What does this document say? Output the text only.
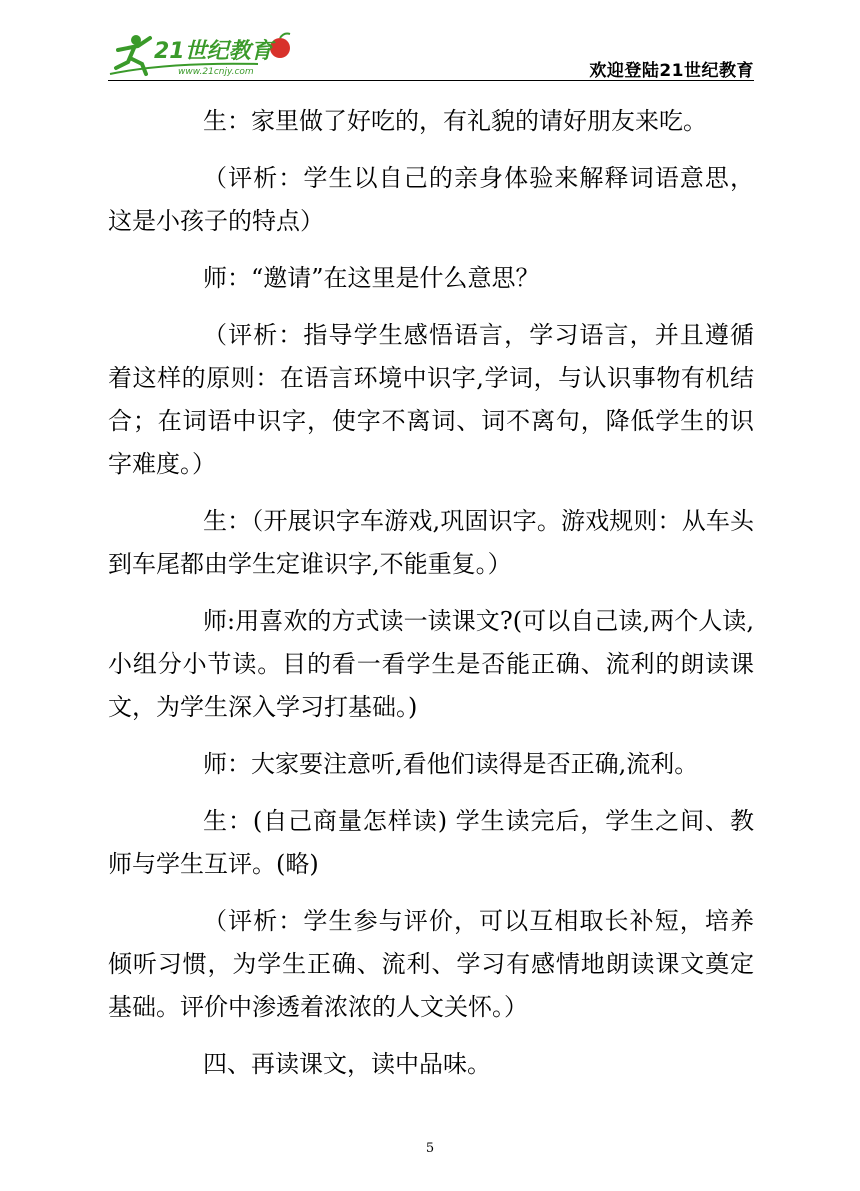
21世纪教育
www.21cnjy.com	欢迎登陆21世纪教育

生：家里做了好吃的，有礼貌的请好朋友来吃。

（评析：学生以自己的亲身体验来解释词语意思，这是小孩子的特点）

师：“邀请”在这里是什么意思？

（评析：指导学生感悟语言，学习语言，并且遵循着这样的原则：在语言环境中识字,学词，与认识事物有机结合；在词语中识字，使字不离词、词不离句，降低学生的识字难度。）

生：（开展识字车游戏,巩固识字。游戏规则：从车头到车尾都由学生定谁识字,不能重复。）

师:用喜欢的方式读一读课文?(可以自己读,两个人读,小组分小节读。目的看一看学生是否能正确、流利的朗读课文，为学生深入学习打基础。)

师：大家要注意听,看他们读得是否正确,流利。

生：(自己商量怎样读) 学生读完后，学生之间、教师与学生互评。(略)

（评析：学生参与评价，可以互相取长补短，培养倾听习惯，为学生正确、流利、学习有感情地朗读课文奠定基础。评价中渗透着浓浓的人文关怀。）

四、再读课文，读中品味。

5
